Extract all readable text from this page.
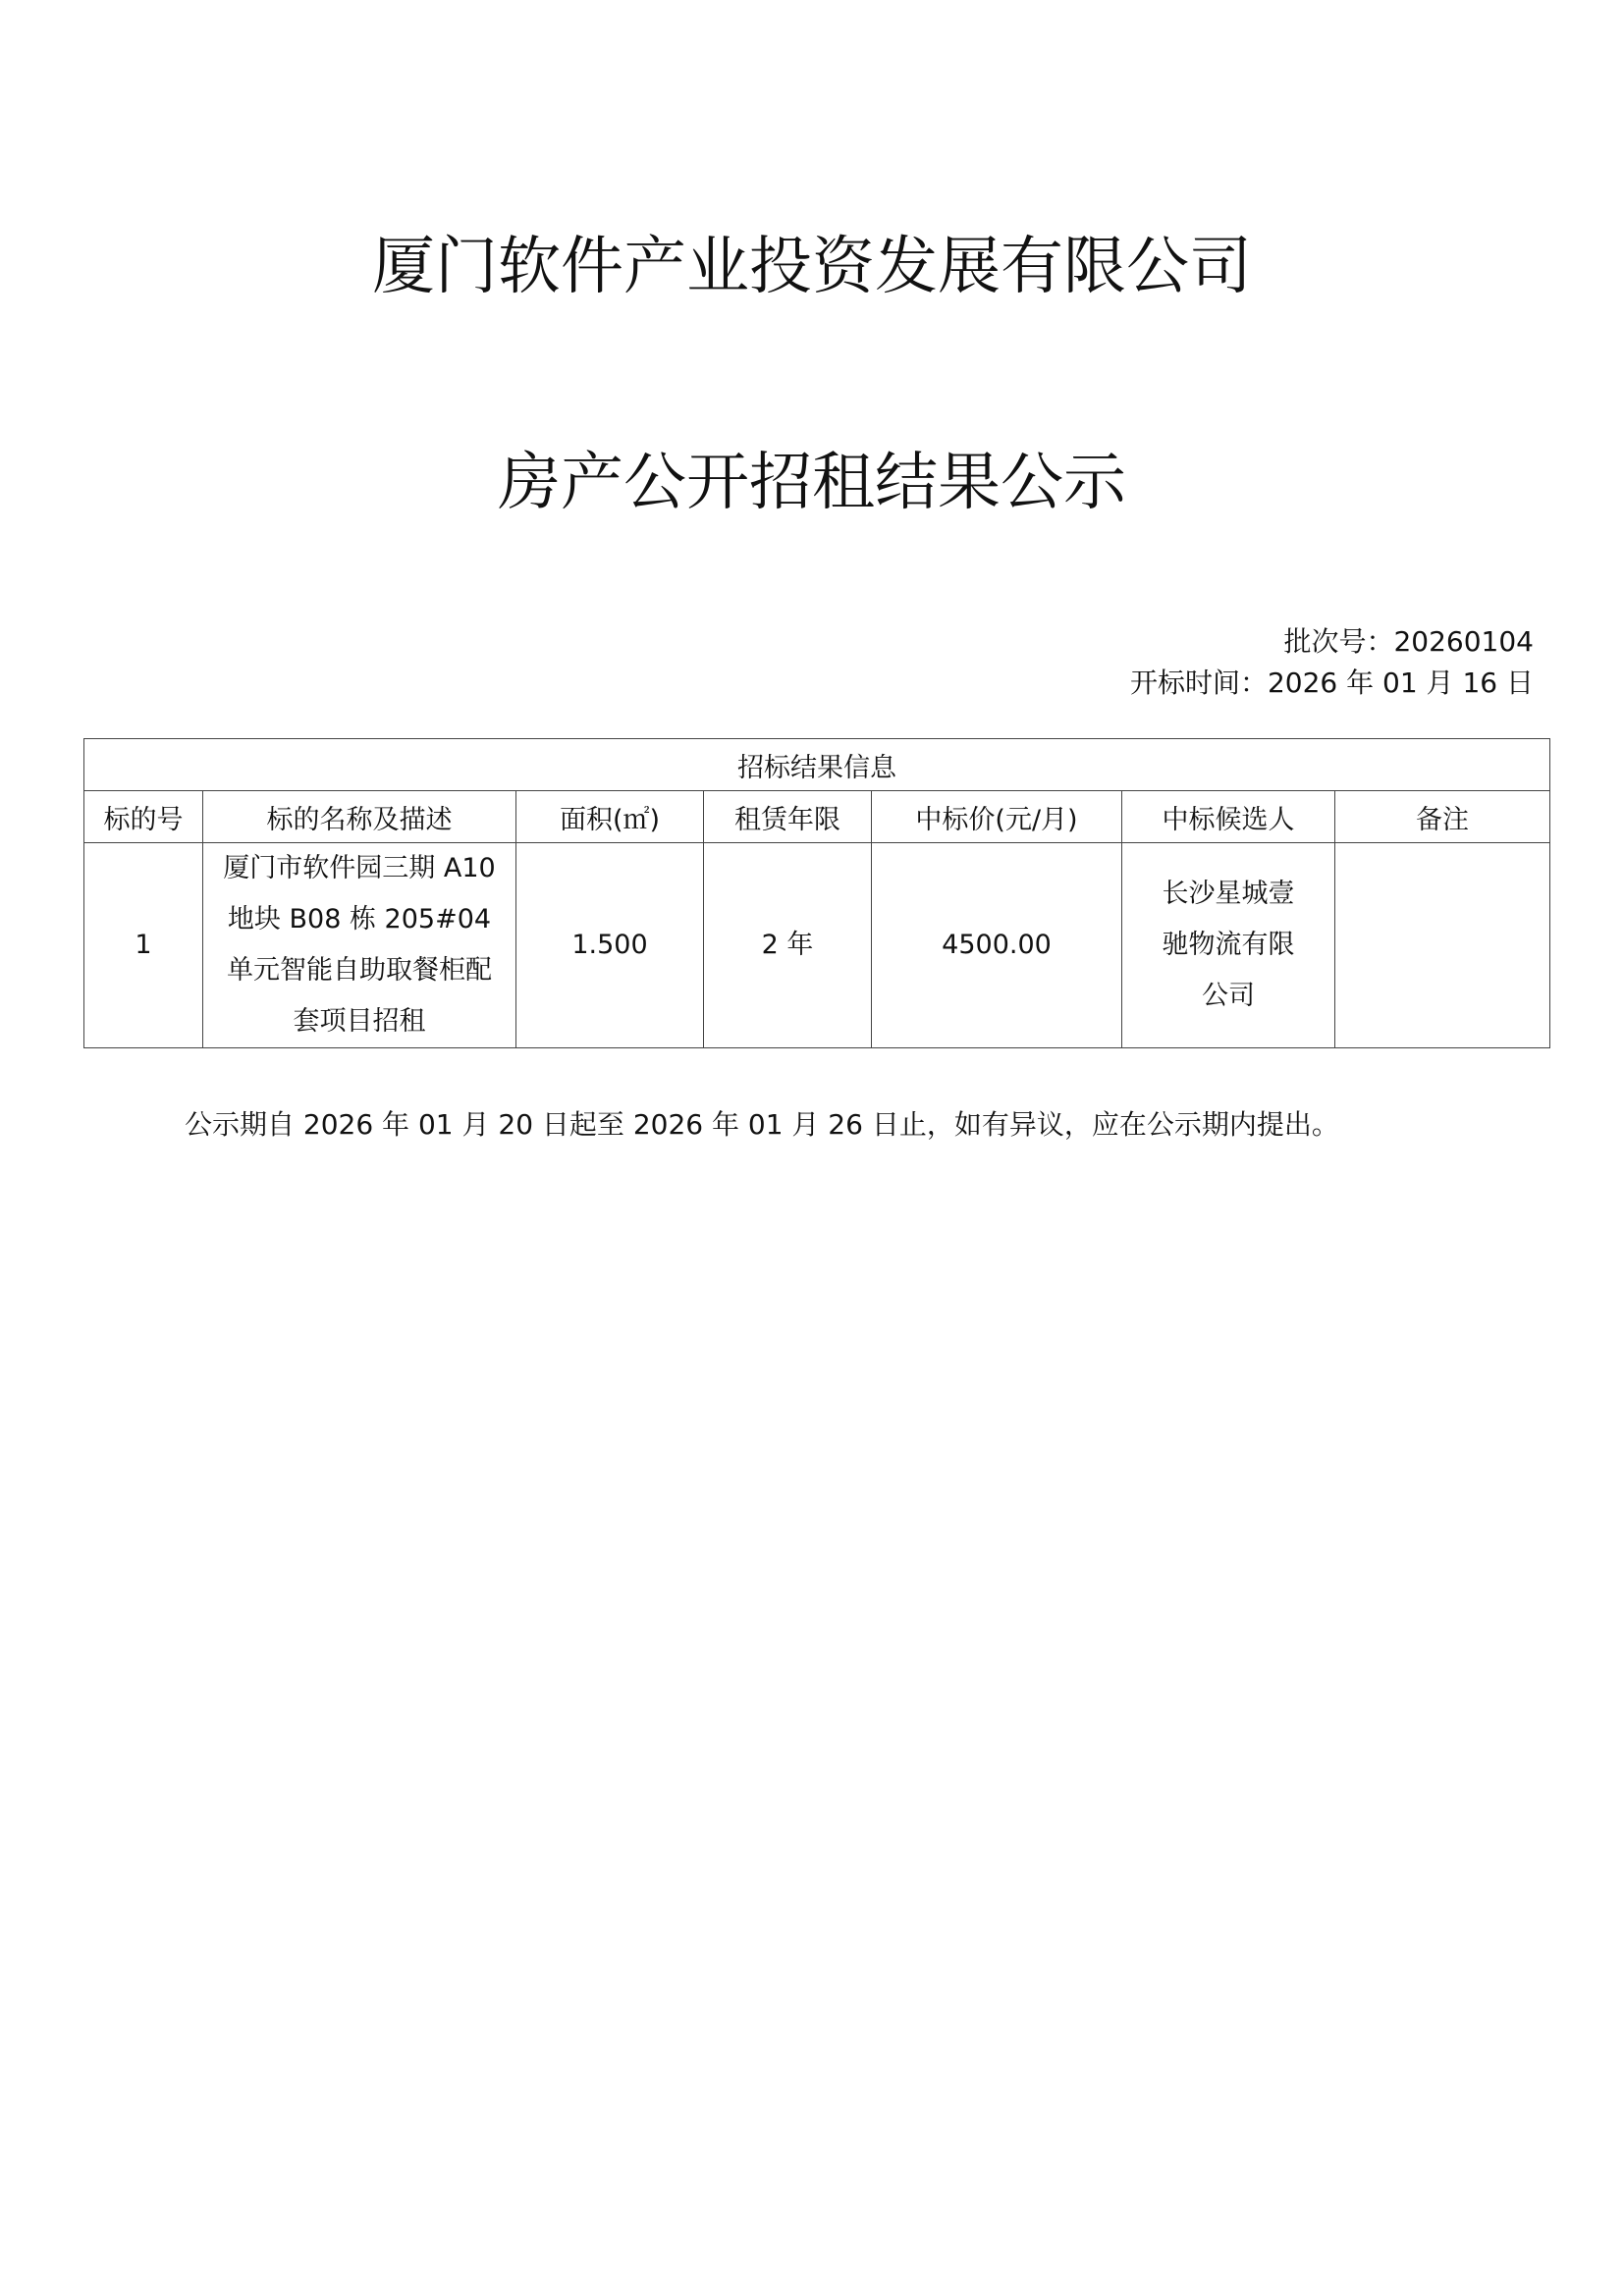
厦门软件产业投资发展有限公司
房产公开招租结果公示
批次号：20260104
开标时间：2026 年 01 月 16 日
招标结果信息						
标的号	标的名称及描述	面积(㎡)	租赁年限	中标价(元/月)	中标候选人	备注
1	厦门市软件园三期 A10 地块 B08 栋 205#04 单元智能自助取餐柜配套项目招租	1.500	2 年	4500.00	长沙星城壹驰物流有限公司	
公示期自 2026 年 01 月 20 日起至 2026 年 01 月 26 日止，如有异议，应在公示期内提出。
